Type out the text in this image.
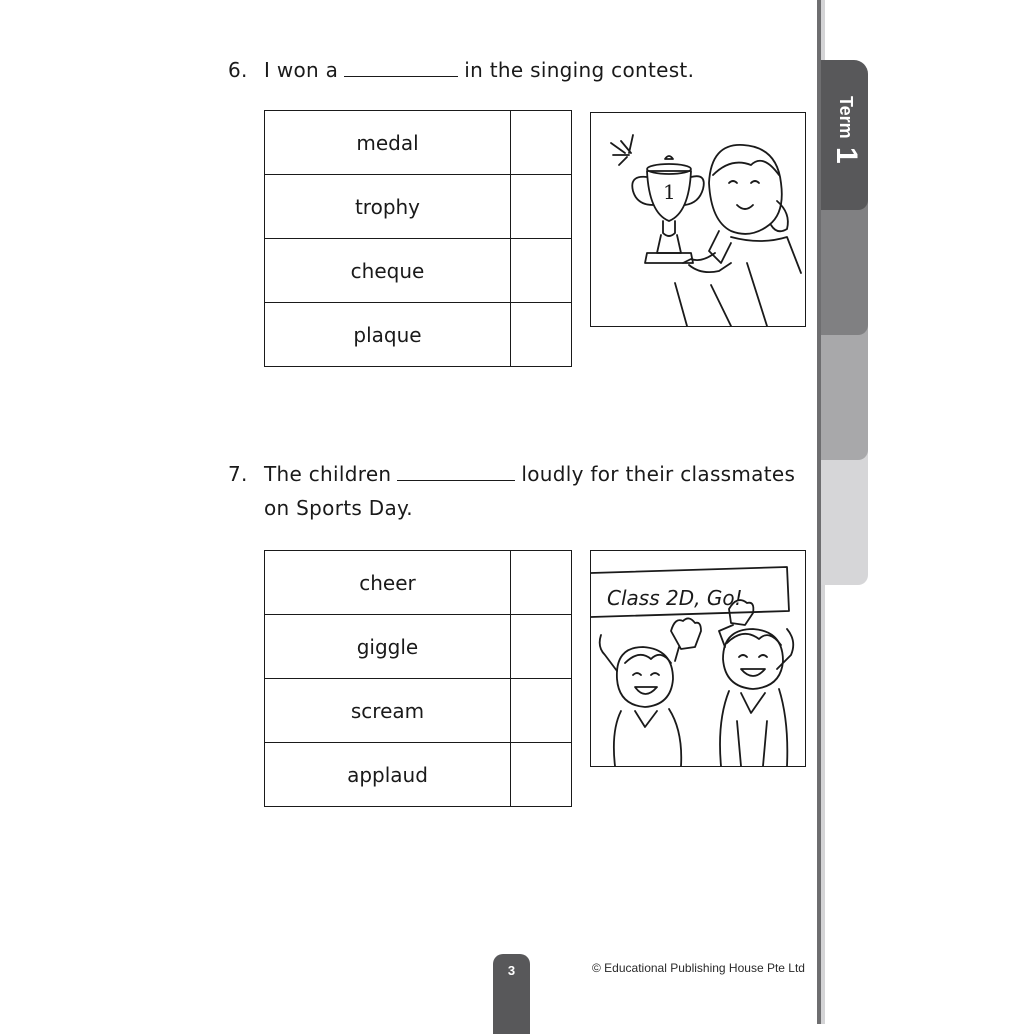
Term 1
6. I won a	in the singing contest.
medal	
trophy	
cheque	
plaque	
1
7. The children	loudly for their classmates
on Sports Day.
cheer	
giggle	
scream	
applaud	
Class 2D, Go!
3	© Educational Publishing House Pte Ltd
